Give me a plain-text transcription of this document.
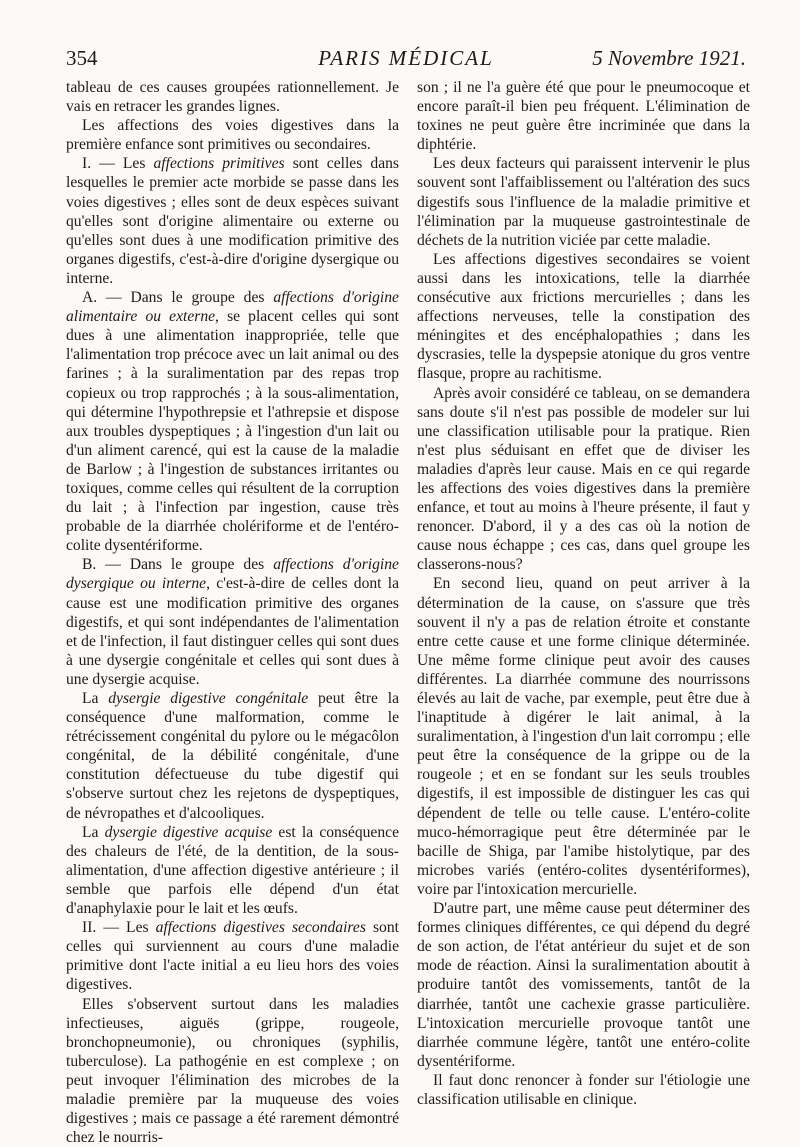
PARIS MÉDICAL
354	5 Novembre 1921.

tableau de ces causes groupées rationnellement. Je vais en retracer les grandes lignes.

Les affections des voies digestives dans la première enfance sont primitives ou secondaires.

I. — Les affections primitives sont celles dans lesquelles le premier acte morbide se passe dans les voies digestives ; elles sont de deux espèces suivant qu'elles sont d'origine alimentaire ou externe ou qu'elles sont dues à une modification primitive des organes digestifs, c'est-à-dire d'origine dysergique ou interne.

A. — Dans le groupe des affections d'origine alimentaire ou externe, se placent celles qui sont dues à une alimentation inappropriée, telle que l'alimentation trop précoce avec un lait animal ou des farines ; à la suralimentation par des repas trop copieux ou trop rapprochés ; à la sous-alimentation, qui détermine l'hypothrepsie et l'athrepsie et dispose aux troubles dyspeptiques ; à l'ingestion d'un lait ou d'un aliment carencé, qui est la cause de la maladie de Barlow ; à l'ingestion de substances irritantes ou toxiques, comme celles qui résultent de la corruption du lait ; à l'infection par ingestion, cause très probable de la diarrhée cholériforme et de l'entéro-colite dysentériforme.

B. — Dans le groupe des affections d'origine dysergique ou interne, c'est-à-dire de celles dont la cause est une modification primitive des organes digestifs, et qui sont indépendantes de l'alimentation et de l'infection, il faut distinguer celles qui sont dues à une dysergie congénitale et celles qui sont dues à une dysergie acquise.

La dysergie digestive congénitale peut être la conséquence d'une malformation, comme le rétrécissement congénital du pylore ou le mégacôlon congénital, de la débilité congénitale, d'une constitution défectueuse du tube digestif qui s'observe surtout chez les rejetons de dyspeptiques, de névropathes et d'alcooliques.

La dysergie digestive acquise est la conséquence des chaleurs de l'été, de la dentition, de la sous-alimentation, d'une affection digestive antérieure ; il semble que parfois elle dépend d'un état d'anaphylaxie pour le lait et les œufs.

II. — Les affections digestives secondaires sont celles qui surviennent au cours d'une maladie primitive dont l'acte initial a eu lieu hors des voies digestives.

Elles s'observent surtout dans les maladies infectieuses, aiguës (grippe, rougeole, bronchopneumonie), ou chroniques (syphilis, tuberculose). La pathogénie en est complexe ; on peut invoquer l'élimination des microbes de la maladie première par la muqueuse des voies digestives ; mais ce passage a été rarement démontré chez le nourris-

son ; il ne l'a guère été que pour le pneumocoque et encore paraît-il bien peu fréquent. L'élimination de toxines ne peut guère être incriminée que dans la diphtérie.

Les deux facteurs qui paraissent intervenir le plus souvent sont l'affaiblissement ou l'altération des sucs digestifs sous l'influence de la maladie primitive et l'élimination par la muqueuse gastrointestinale de déchets de la nutrition viciée par cette maladie.

Les affections digestives secondaires se voient aussi dans les intoxications, telle la diarrhée consécutive aux frictions mercurielles ; dans les affections nerveuses, telle la constipation des méningites et des encéphalopathies ; dans les dyscrasies, telle la dyspepsie atonique du gros ventre flasque, propre au rachitisme.

Après avoir considéré ce tableau, on se demandera sans doute s'il n'est pas possible de modeler sur lui une classification utilisable pour la pratique. Rien n'est plus séduisant en effet que de diviser les maladies d'après leur cause. Mais en ce qui regarde les affections des voies digestives dans la première enfance, et tout au moins à l'heure présente, il faut y renoncer. D'abord, il y a des cas où la notion de cause nous échappe ; ces cas, dans quel groupe les classerons-nous?

En second lieu, quand on peut arriver à la détermination de la cause, on s'assure que très souvent il n'y a pas de relation étroite et constante entre cette cause et une forme clinique déterminée. Une même forme clinique peut avoir des causes différentes. La diarrhée commune des nourrissons élevés au lait de vache, par exemple, peut être due à l'inaptitude à digérer le lait animal, à la suralimentation, à l'ingestion d'un lait corrompu ; elle peut être la conséquence de la grippe ou de la rougeole ; et en se fondant sur les seuls troubles digestifs, il est impossible de distinguer les cas qui dépendent de telle ou telle cause. L'entéro-colite muco-hémorragique peut être déterminée par le bacille de Shiga, par l'amibe histolytique, par des microbes variés (entéro-colites dysentériformes), voire par l'intoxication mercurielle.

D'autre part, une même cause peut déterminer des formes cliniques différentes, ce qui dépend du degré de son action, de l'état antérieur du sujet et de son mode de réaction. Ainsi la suralimentation aboutit à produire tantôt des vomissements, tantôt de la diarrhée, tantôt une cachexie grasse particulière. L'intoxication mercurielle provoque tantôt une diarrhée commune légère, tantôt une entéro-colite dysentériforme.

Il faut donc renoncer à fonder sur l'étiologie une classification utilisable en clinique.
